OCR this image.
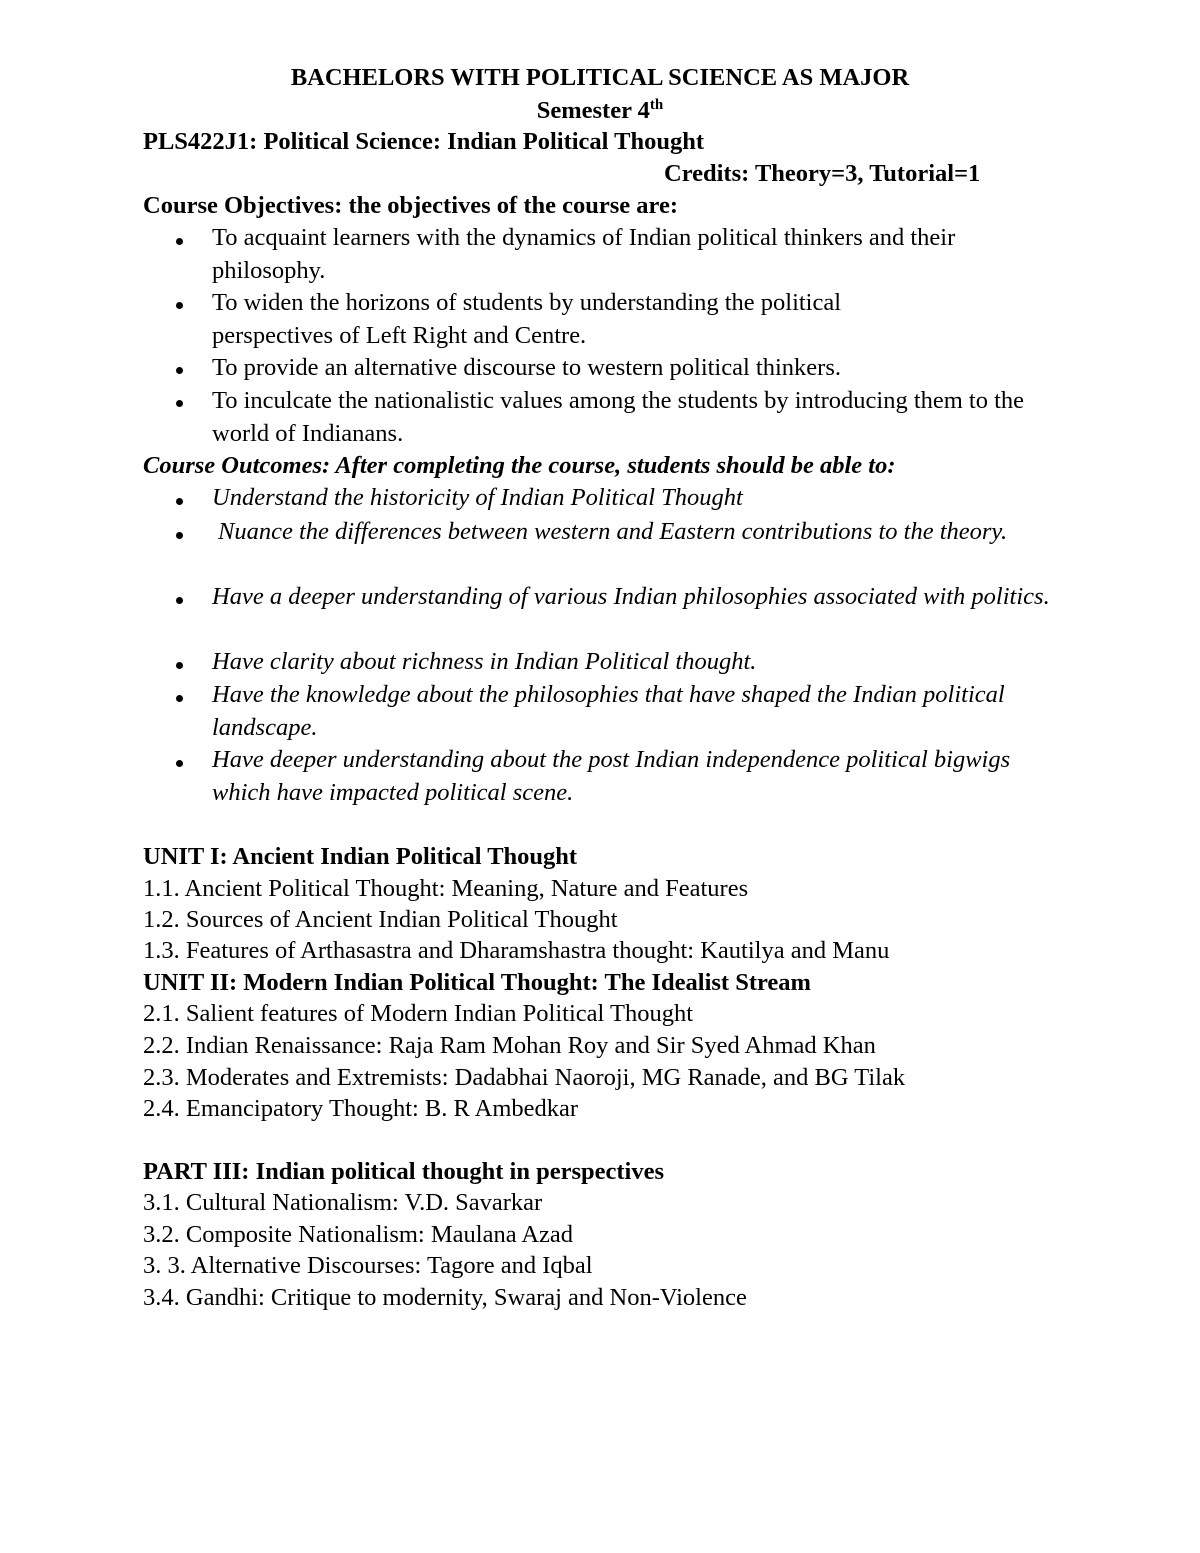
BACHELORS WITH POLITICAL SCIENCE AS MAJOR
Semester 4th
PLS422J1: Political Science: Indian Political Thought
Credits: Theory=3, Tutorial=1
Course Objectives: the objectives of the course are:
To acquaint learners with the dynamics of Indian political thinkers and their philosophy.
To widen the horizons of students by understanding the political perspectives of Left Right and Centre.
To provide an alternative discourse to western political thinkers.
To inculcate the nationalistic values among the students by introducing them to the world of Indianans.
Course Outcomes: After completing the course, students should be able to:
Understand the historicity of Indian Political Thought
Nuance the differences between western and Eastern contributions to the theory.
Have a deeper understanding of various Indian philosophies associated with politics.
Have clarity about richness in Indian Political thought.
Have the knowledge about the philosophies that have shaped the Indian political landscape.
Have deeper understanding about the post Indian independence political bigwigs which have impacted political scene.
UNIT I: Ancient Indian Political Thought
1.1. Ancient Political Thought: Meaning, Nature and Features
1.2. Sources of Ancient Indian Political Thought
1.3. Features of Arthasastra and Dharamshastra thought: Kautilya and Manu
UNIT II: Modern Indian Political Thought: The Idealist Stream
2.1. Salient features of Modern Indian Political Thought
2.2. Indian Renaissance: Raja Ram Mohan Roy and Sir Syed Ahmad Khan
2.3. Moderates and Extremists: Dadabhai Naoroji, MG Ranade, and BG Tilak
2.4. Emancipatory Thought: B. R Ambedkar
PART III: Indian political thought in perspectives
3.1. Cultural Nationalism: V.D. Savarkar
3.2. Composite Nationalism: Maulana Azad
3. 3. Alternative Discourses: Tagore and Iqbal
3.4. Gandhi: Critique to modernity, Swaraj and Non-Violence
